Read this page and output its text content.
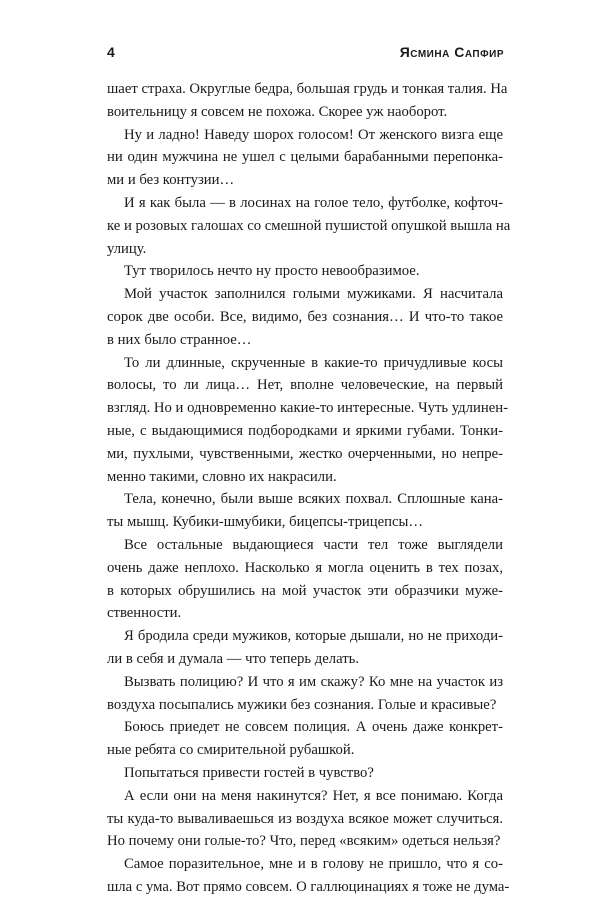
4	Ясмина Сапфир

шает страха. Округлые бедра, большая грудь и тонкая талия. На
воительницу я совсем не похожа. Скорее уж наоборот.

Ну и ладно! Наведу шорох голосом! От женского визга еще
ни один мужчина не ушел с целыми барабанными перепонка-
ми и без контузии…

И я как была — в лосинах на голое тело, футболке, кофточ-
ке и розовых галошах со смешной пушистой опушкой вышла на
улицу.

Тут творилось нечто ну просто невообразимое.

Мой участок заполнился голыми мужиками. Я насчитала
сорок две особи. Все, видимо, без сознания… И что-то такое
в них было странное…

То ли длинные, скрученные в какие-то причудливые косы
волосы, то ли лица… Нет, вполне человеческие, на первый
взгляд. Но и одновременно какие-то интересные. Чуть удлинен-
ные, с выдающимися подбородками и яркими губами. Тонки-
ми, пухлыми, чувственными, жестко очерченными, но непре-
менно такими, словно их накрасили.

Тела, конечно, были выше всяких похвал. Сплошные кана-
ты мышц. Кубики-шмубики, бицепсы-трицепсы…

Все остальные выдающиеся части тел тоже выглядели
очень даже неплохо. Насколько я могла оценить в тех позах,
в которых обрушились на мой участок эти образчики муже-
ственности.

Я бродила среди мужиков, которые дышали, но не приходи-
ли в себя и думала — что теперь делать.

Вызвать полицию? И что я им скажу? Ко мне на участок из
воздуха посыпались мужики без сознания. Голые и красивые?

Боюсь приедет не совсем полиция. А очень даже конкрет-
ные ребята со смирительной рубашкой.

Попытаться привести гостей в чувство?

А если они на меня накинутся? Нет, я все понимаю. Когда
ты куда-то вываливаешься из воздуха всякое может случиться.
Но почему они голые-то? Что, перед «всяким» одеться нельзя?

Самое поразительное, мне и в голову не пришло, что я со-
шла с ума. Вот прямо совсем. О галлюцинациях я тоже не дума-
